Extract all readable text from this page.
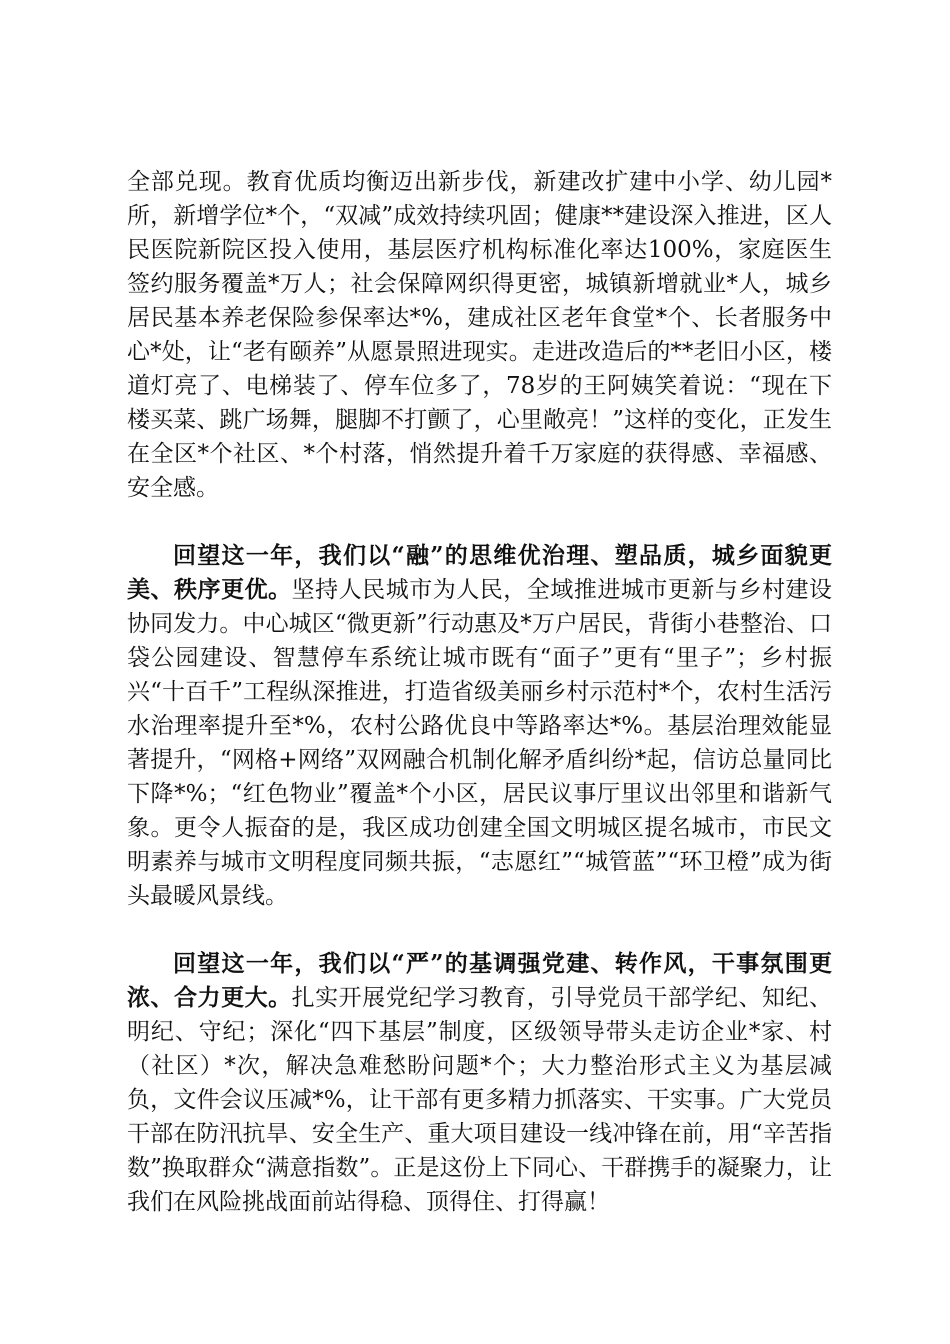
全部兑现。教育优质均衡迈出新步伐，新建改扩建中小学、幼儿园*所，新增学位*个，“双减”成效持续巩固；健康**建设深入推进，区人民医院新院区投入使用，基层医疗机构标准化率达100%，家庭医生签约服务覆盖*万人；社会保障网织得更密，城镇新增就业*人，城乡居民基本养老保险参保率达*%，建成社区老年食堂*个、长者服务中心*处，让“老有颐养”从愿景照进现实。走进改造后的**老旧小区，楼道灯亮了、电梯装了、停车位多了，78岁的王阿姨笑着说：“现在下楼买菜、跳广场舞，腿脚不打颤了，心里敞亮！”这样的变化，正发生在全区*个社区、*个村落，悄然提升着千万家庭的获得感、幸福感、安全感。

回望这一年，我们以“融”的思维优治理、塑品质，城乡面貌更美、秩序更优。坚持人民城市为人民，全域推进城市更新与乡村建设协同发力。中心城区“微更新”行动惠及*万户居民，背街小巷整治、口袋公园建设、智慧停车系统让城市既有“面子”更有“里子”；乡村振兴“十百千”工程纵深推进，打造省级美丽乡村示范村*个，农村生活污水治理率提升至*%，农村公路优良中等路率达*%。基层治理效能显著提升，“网格+网络”双网融合机制化解矛盾纠纷*起，信访总量同比下降*%；“红色物业”覆盖*个小区，居民议事厅里议出邻里和谐新气象。更令人振奋的是，我区成功创建全国文明城区提名城市，市民文明素养与城市文明程度同频共振，“志愿红”“城管蓝”“环卫橙”成为街头最暖风景线。

回望这一年，我们以“严”的基调强党建、转作风，干事氛围更浓、合力更大。扎实开展党纪学习教育，引导党员干部学纪、知纪、明纪、守纪；深化“四下基层”制度，区级领导带头走访企业*家、村（社区）*次，解决急难愁盼问题*个；大力整治形式主义为基层减负，文件会议压减*%，让干部有更多精力抓落实、干实事。广大党员干部在防汛抗旱、安全生产、重大项目建设一线冲锋在前，用“辛苦指数”换取群众“满意指数”。正是这份上下同心、干群携手的凝聚力，让我们在风险挑战面前站得稳、顶得住、打得赢！
